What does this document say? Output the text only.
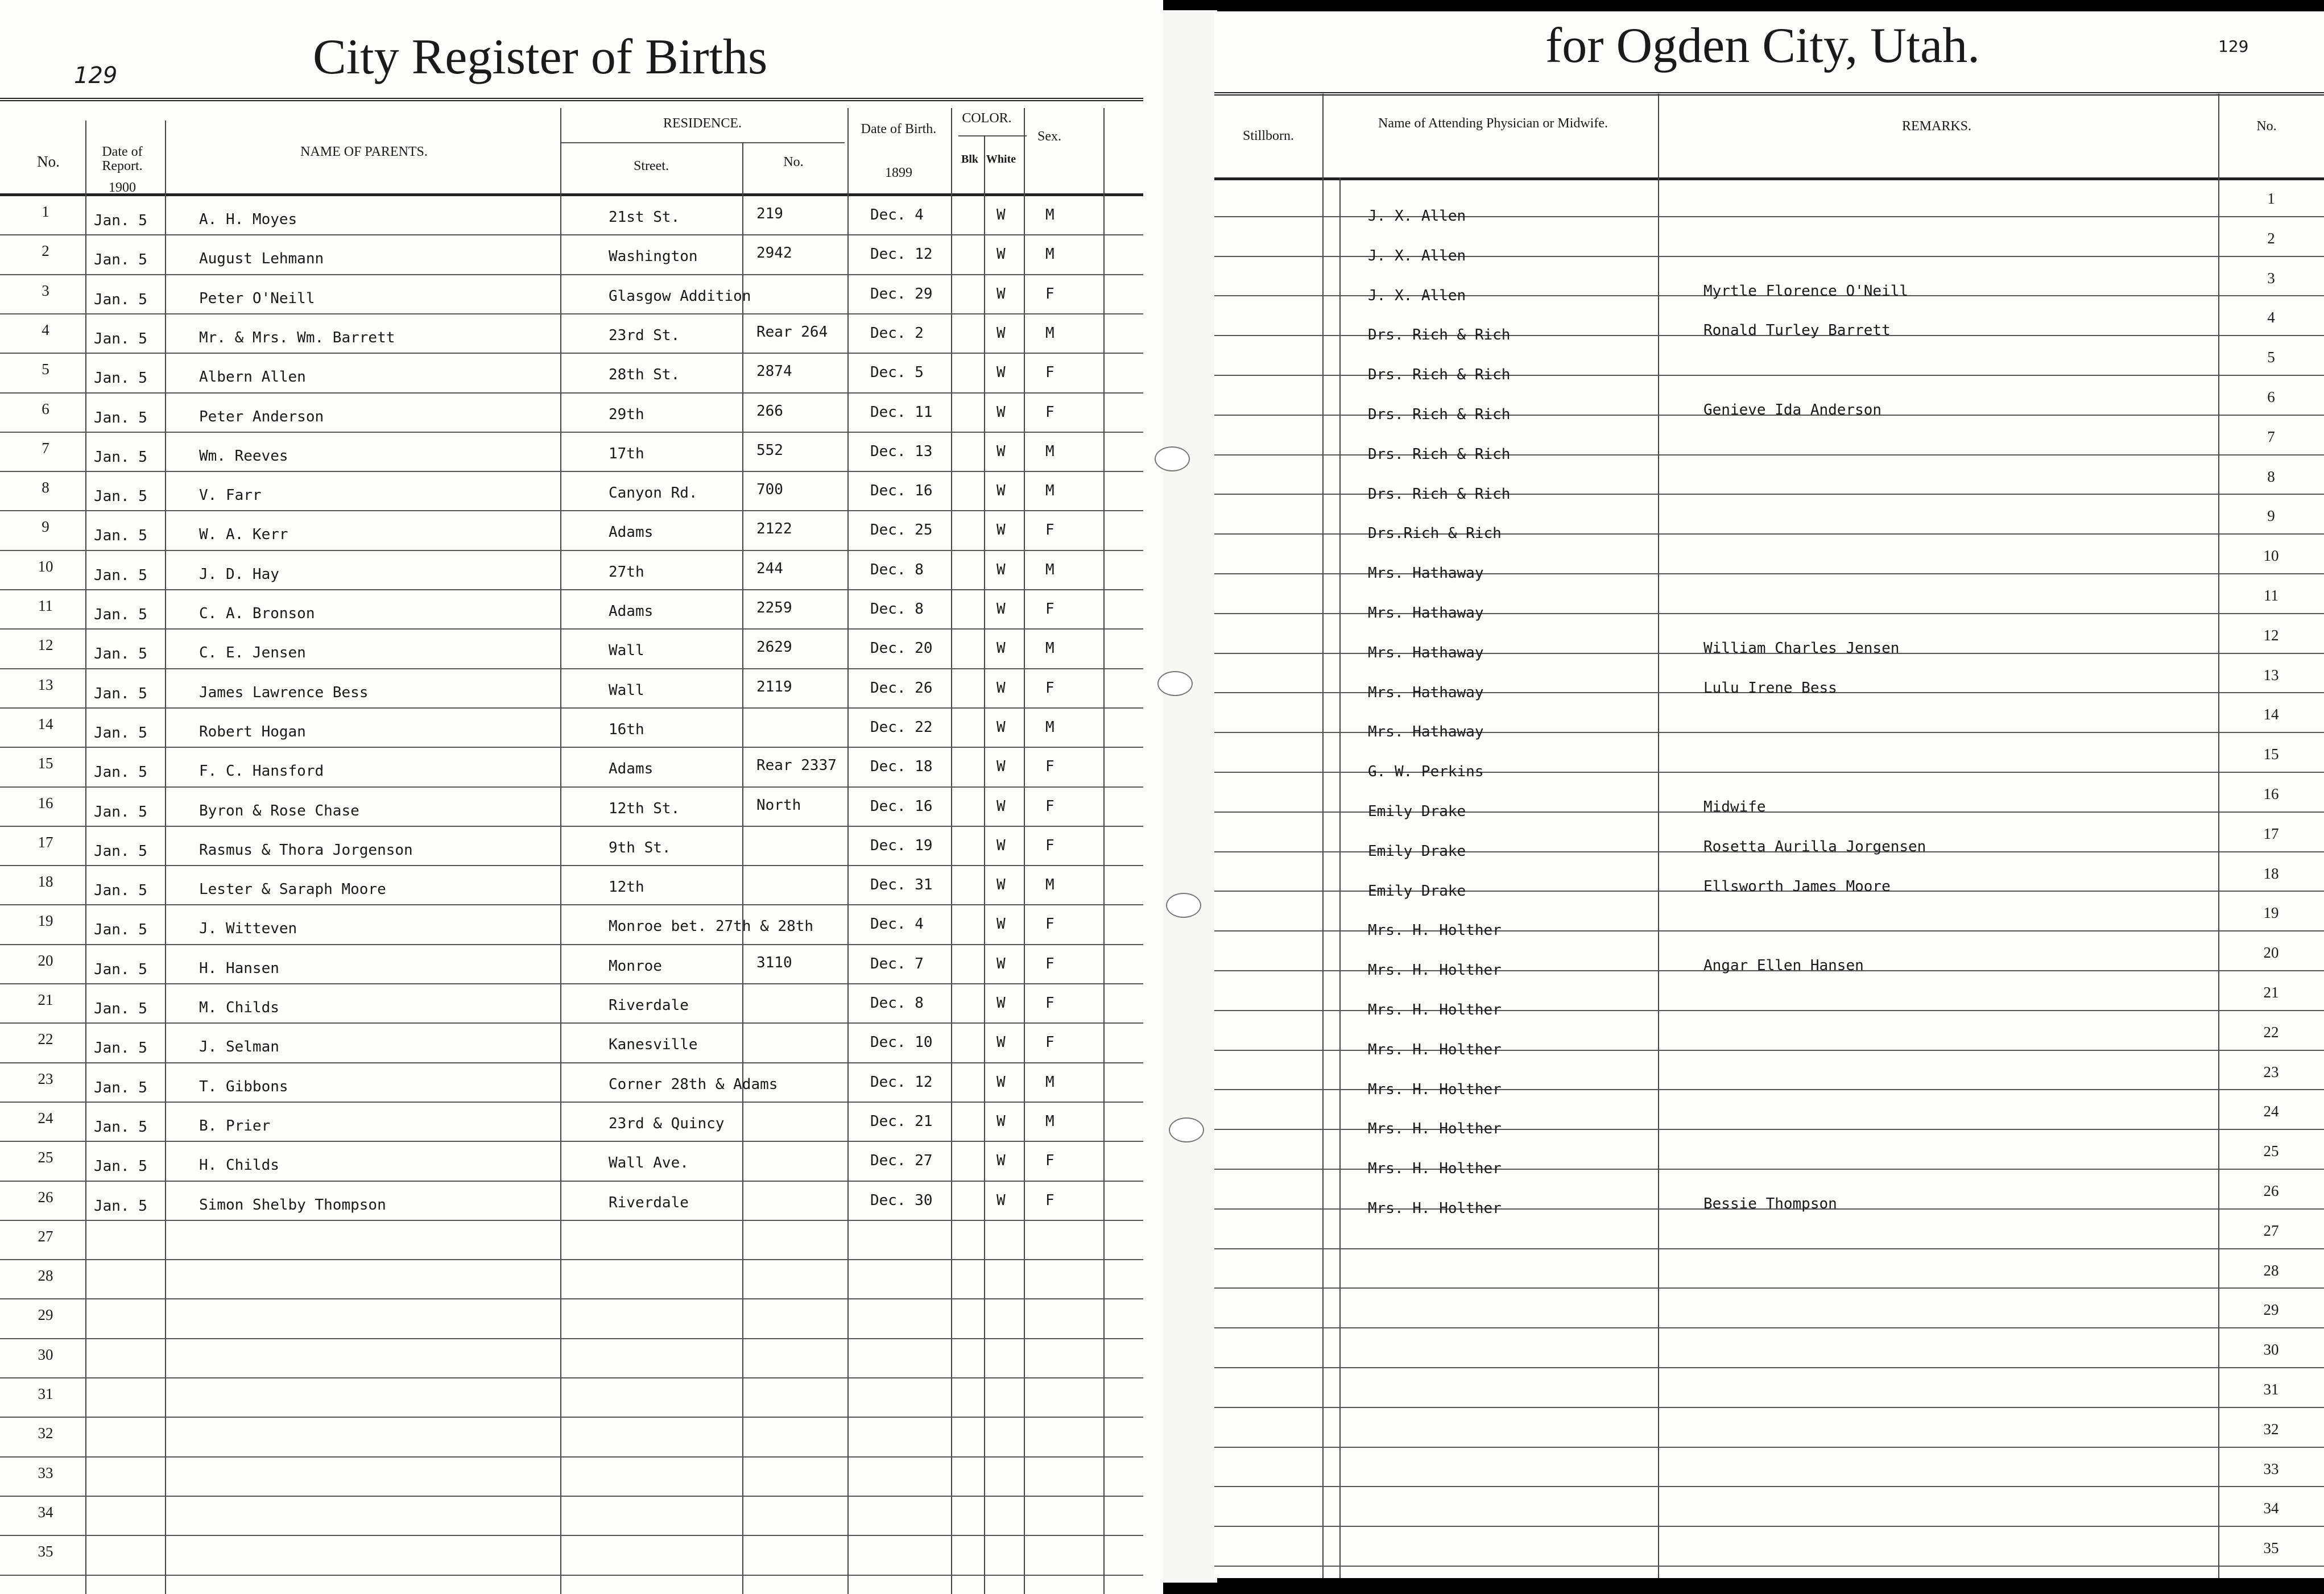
129	City Register of Births
No.
Date of Report.
1900
NAME OF PARENTS.
RESIDENCE.
Street.	No.
Date of Birth.
1899
COLOR.
Blk White
Sex.
1
Jan. 5	A. H. Moyes	21st St.	219	Dec. 4	W	M
2
Jan. 5	August Lehmann	Washington	2942	Dec. 12	W	M
3
Jan. 5	Peter O'Neill	Glasgow Addition	Dec. 29	W	F
4
Jan. 5	Mr. & Mrs. Wm. Barrett	23rd St.	Rear 264	Dec. 2	W	M
5
Jan. 5	Albern Allen	28th St.	2874	Dec. 5	W	F
6
Jan. 5	Peter Anderson	29th	266	Dec. 11	W	F
7
Jan. 5	Wm. Reeves	17th	552	Dec. 13	W	M
8
Jan. 5	V. Farr	Canyon Rd.	700	Dec. 16	W	M
9
Jan. 5	W. A. Kerr	Adams	2122	Dec. 25	W	F
10
Jan. 5	J. D. Hay	27th	244	Dec. 8	W	M
11
Jan. 5	C. A. Bronson	Adams	2259	Dec. 8	W	F
12
Jan. 5	C. E. Jensen	Wall	2629	Dec. 20	W	M
13
Jan. 5	James Lawrence Bess	Wall	2119	Dec. 26	W	F
14
Jan. 5	Robert Hogan	16th	Dec. 22	W	M
15
Jan. 5	F. C. Hansford	Adams	Rear 2337 Dec. 18	W	F
16
Jan. 5	Byron & Rose Chase	12th St.	North	Dec. 16	W	F
17
Jan. 5	Rasmus & Thora Jorgenson	9th St.	Dec. 19	W	F
18
Jan. 5	Lester & Saraph Moore	12th	Dec. 31	W	M
19
Jan. 5	J. Witteven	Monroe bet. 27th & 28th	Dec. 4	W	F
20
Jan. 5	H. Hansen	Monroe	3110	Dec. 7	W	F
21
Jan. 5	M. Childs	Riverdale	Dec. 8	W	F
22
Jan. 5	J. Selman	Kanesville	Dec. 10	W	F
23
Jan. 5	T. Gibbons	Corner 28th & Adams	Dec. 12	W	M
24
Jan. 5	B. Prier	23rd & Quincy	Dec. 21	W	M
25
Jan. 5	H. Childs	Wall Ave.	Dec. 27	W	F
26
Jan. 5	Simon Shelby Thompson	Riverdale	Dec. 30	W	F
27
28
29
30
31
32
33
34
35
for Ogden City, Utah.	129
Stillborn.
Name of Attending Physician or Midwife.	REMARKS.	No.
1
J. X. Allen
2
J. X. Allen
3
J. X. Allen	Myrtle Florence O'Neill
4
Drs. Rich & Rich	Ronald Turley Barrett
5
Drs. Rich & Rich
6
Drs. Rich & Rich	Genieve Ida Anderson
7
Drs. Rich & Rich
8
Drs. Rich & Rich
9
Drs.Rich & Rich
10
Mrs. Hathaway
11
Mrs. Hathaway
12
Mrs. Hathaway	William Charles Jensen
13
Mrs. Hathaway	Lulu Irene Bess
14
Mrs. Hathaway
15
G. W. Perkins
16
Emily Drake	Midwife
17
Emily Drake	Rosetta Aurilla Jorgensen
18
Emily Drake	Ellsworth James Moore
19
Mrs. H. Holther
20
Mrs. H. Holther	Angar Ellen Hansen
21
Mrs. H. Holther
22
Mrs. H. Holther
23
Mrs. H. Holther
24
Mrs. H. Holther
25
Mrs. H. Holther
26
Mrs. H. Holther	Bessie Thompson
27
28
29
30
31
32
33
34
35
